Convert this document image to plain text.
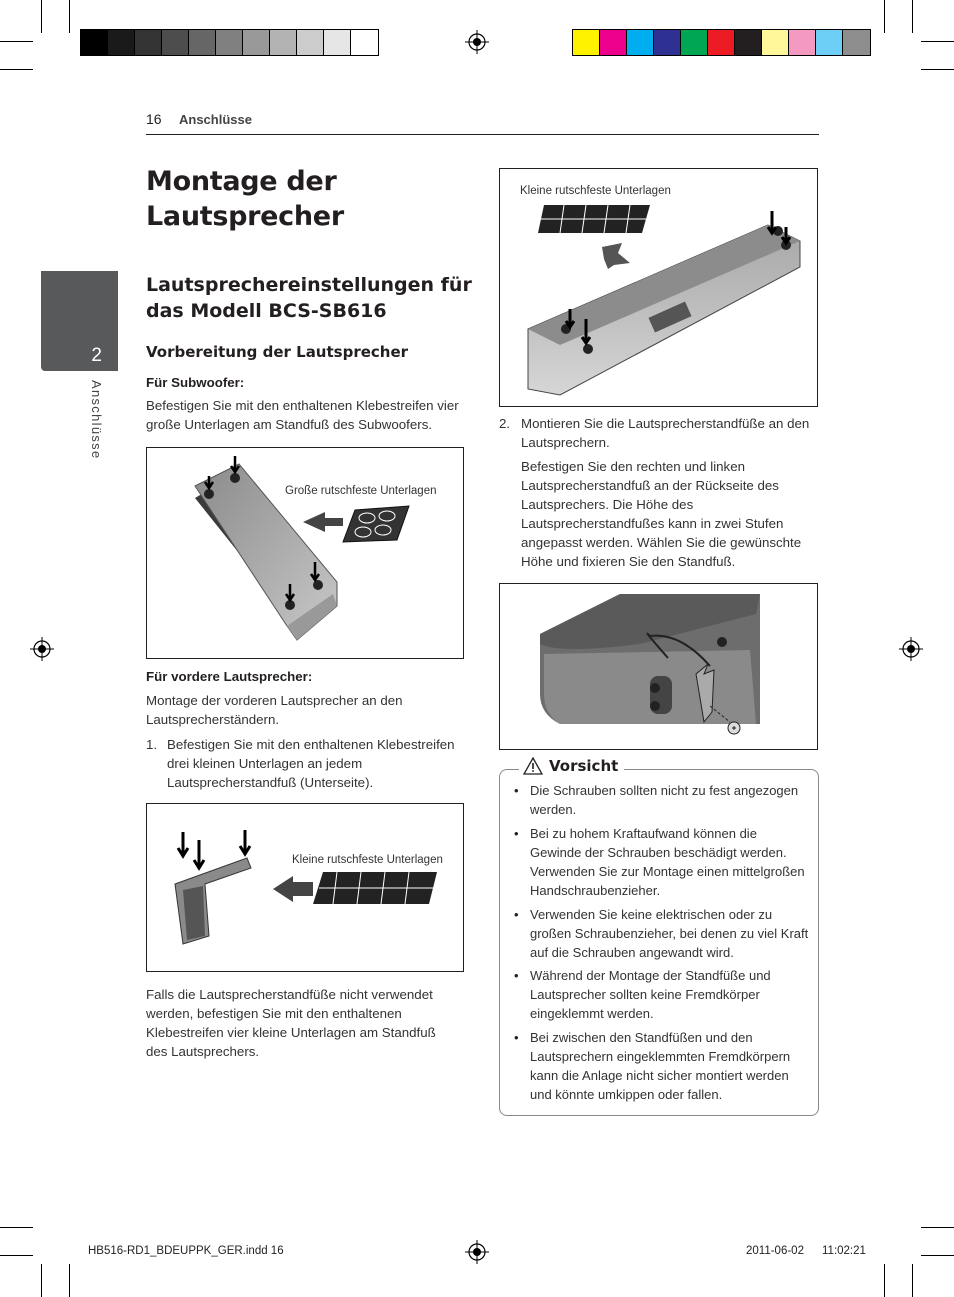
16 Anschlüsse
2
Anschlüsse
Montage der Lautsprecher
Lautsprechereinstellungen für das Modell BCS-SB616
Vorbereitung der Lautsprecher
Für Subwoofer:
Befestigen Sie mit den enthaltenen Klebestreifen vier große Unterlagen am Standfuß des Subwoofers.
Große rutschfeste Unterlagen
Für vordere Lautsprecher:
Montage der vorderen Lautsprecher an den Lautsprecherständern.
1. Befestigen Sie mit den enthaltenen Klebestreifen drei kleinen Unterlagen an jedem Lautsprecherstandfuß (Unterseite).
Kleine rutschfeste Unterlagen
Falls die Lautsprecherstandfüße nicht verwendet werden, befestigen Sie mit den enthaltenen Klebestreifen vier kleine Unterlagen am Standfuß des Lautsprechers.
Kleine rutschfeste Unterlagen
2. Montieren Sie die Lautsprecherstandfüße an den Lautsprechern.
Befestigen Sie den rechten und linken Lautsprecherstandfuß an der Rückseite des Lautsprechers. Die Höhe des Lautsprecherstandfußes kann in zwei Stufen angepasst werden. Wählen Sie die gewünschte Höhe und fixieren Sie den Standfuß.
Vorsicht
• Die Schrauben sollten nicht zu fest angezogen werden.
• Bei zu hohem Kraftaufwand können die Gewinde der Schrauben beschädigt werden. Verwenden Sie zur Montage einen mittelgroßen Handschraubenzieher.
• Verwenden Sie keine elektrischen oder zu großen Schraubenzieher, bei denen zu viel Kraft auf die Schrauben angewandt wird.
• Während der Montage der Standfüße und Lautsprecher sollten keine Fremdkörper eingeklemmt werden.
• Bei zwischen den Standfüßen und den Lautsprechern eingeklemmten Fremdkörpern kann die Anlage nicht sicher montiert werden und könnte umkippen oder fallen.
HB516-RD1_BDEUPPK_GER.indd 16	2011-06-02 11:02:21
